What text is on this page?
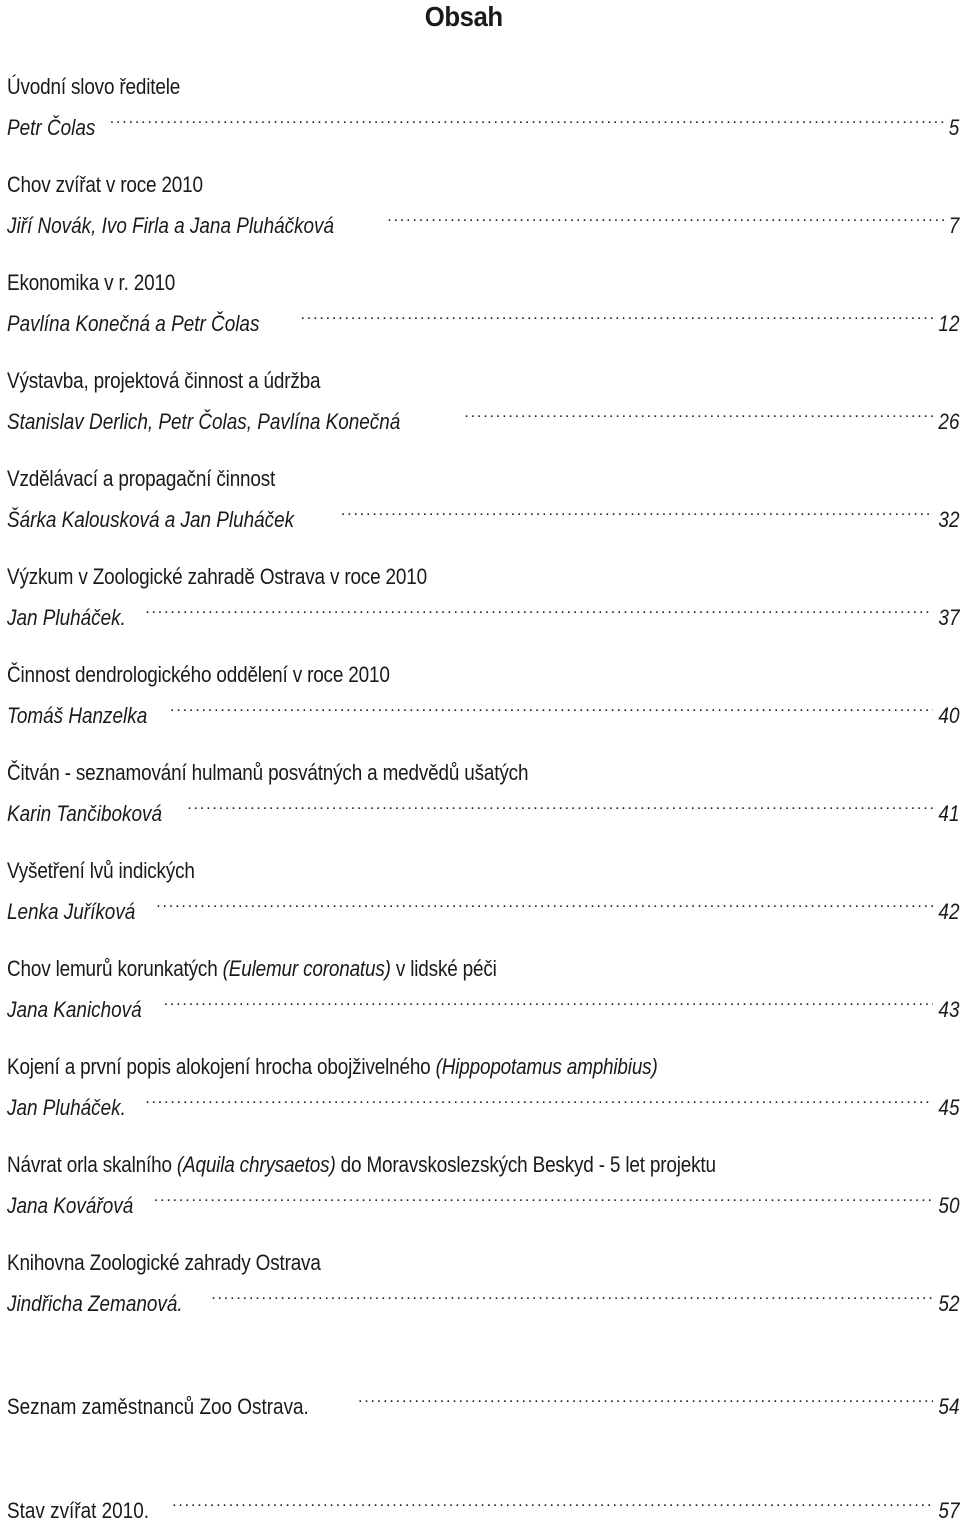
Obsah
Úvodní slovo ředitele
Petr Čolas . . .	5
Chov zvířat v roce 2010
Jiří Novák, Ivo Firla a Jana Pluháčková . . .	7
Ekonomika v r. 2010
Pavlína Konečná a Petr Čolas . . .	12
Výstavba, projektová činnost a údržba
Stanislav Derlich, Petr Čolas, Pavlína Konečná . . .	26
Vzdělávací a propagační činnost
Šárka Kalousková a Jan Pluháček . . .	32
Výzkum v Zoologické zahradě Ostrava v roce 2010
Jan Pluháček. . . .	37
Činnost dendrologického oddělení v roce 2010
Tomáš Hanzelka . . .	40
Čitván - seznamování hulmanů posvátných a medvědů ušatých
Karin Tančiboková . . .	41
Vyšetření lvů indických
Lenka Juříková . . .	42
Chov lemurů korunkatých (Eulemur coronatus) v lidské péči
Jana Kanichová . . .	43
Kojení a první popis alokojení hrocha obojživelného (Hippopotamus amphibius)
Jan Pluháček. . . .	45
Návrat orla skalního (Aquila chrysaetos) do Moravskoslezských Beskyd - 5 let projektu
Jana Kovářová . . .	50
Knihovna Zoologické zahrady Ostrava
Jindřicha Zemanová. . . .	52
Seznam zaměstnanců Zoo Ostrava. . . .	54
Stav zvířat 2010. . . .	57
